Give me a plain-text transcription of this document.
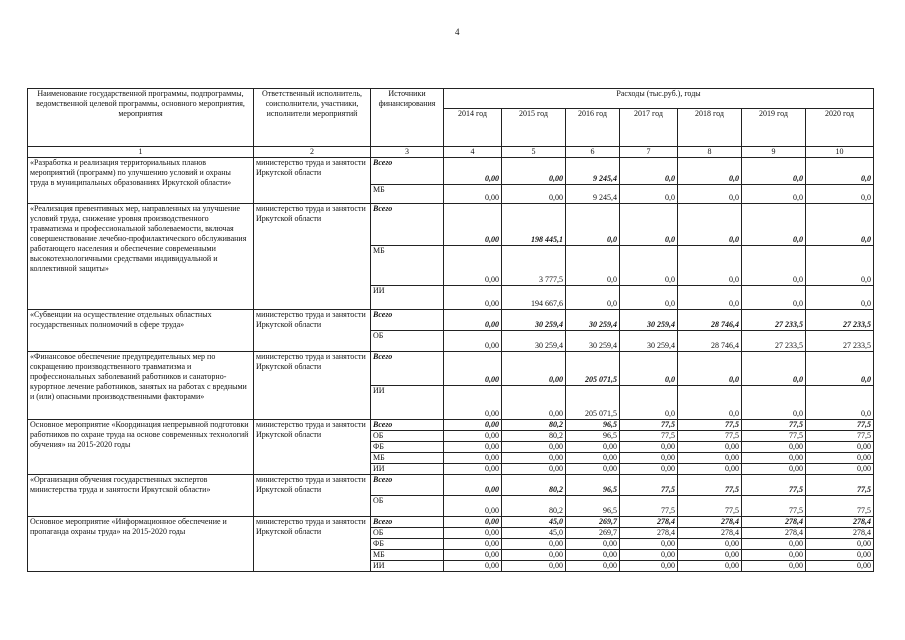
4
Наименование государственной программы, подпрограммы, ведомственной целевой программы, основного мероприятия, мероприятия	Ответственный исполнитель, соисполнители, участники, исполнители мероприятий	Источники финансирования	Расходы (тыс.руб.), годы						
			2014 год	2015 год	2016 год	2017 год	2018 год	2019 год	2020 год
1	2	3	4	5	6	7	8	9	10
«Разработка и реализация территориальных планов мероприятий (программ) по улучшению условий и охраны труда в муниципальных образованиях Иркутской области»	министерство труда и занятости Иркутской области	Всего	0,00	0,00	9 245,4	0,0	0,0	0,0	0,0
		МБ	0,00	0,00	9 245,4	0,0	0,0	0,0	0,0
«Реализация превентивных мер, направленных на улучшение условий труда, снижение уровня производственного травматизма и профессиональной заболеваемости, включая совершенствование лечебно-профилактического обслуживания работающего населения и обеспечение современными высокотехнологичными средствами индивидуальной и коллективной защиты»	министерство труда и занятости Иркутской области	Всего	0,00	198 445,1	0,0	0,0	0,0	0,0	0,0
		МБ	0,00	3 777,5	0,0	0,0	0,0	0,0	0,0
		ИИ	0,00	194 667,6	0,0	0,0	0,0	0,0	0,0
«Субвенции на осуществление отдельных областных государственных полномочий в сфере труда»	министерство труда и занятости Иркутской области	Всего	0,00	30 259,4	30 259,4	30 259,4	28 746,4	27 233,5	27 233,5
		ОБ	0,00	30 259,4	30 259,4	30 259,4	28 746,4	27 233,5	27 233,5
«Финансовое обеспечение предупредительных мер по сокращению производственного травматизма и профессиональных заболеваний работников и санаторно-курортное лечение работников, занятых на работах с вредными и (или) опасными производственными факторами»	министерство труда и занятости Иркутской области	Всего	0,00	0,00	205 071,5	0,0	0,0	0,0	0,0
		ИИ	0,00	0,00	205 071,5	0,0	0,0	0,0	0,0
Основное мероприятие «Координация непрерывной подготовки работников по охране труда на основе современных технологий обучения» на 2015-2020 годы	министерство труда и занятости Иркутской области	Всего	0,00	80,2	96,5	77,5	77,5	77,5	77,5
		ОБ	0,00	80,2	96,5	77,5	77,5	77,5	77,5
		ФБ	0,00	0,00	0,00	0,00	0,00	0,00	0,00
		МБ	0,00	0,00	0,00	0,00	0,00	0,00	0,00
		ИИ	0,00	0,00	0,00	0,00	0,00	0,00	0,00
«Организация обучения государственных экспертов министерства труда и занятости Иркутской области»	министерство труда и занятости Иркутской области	Всего	0,00	80,2	96,5	77,5	77,5	77,5	77,5
		ОБ	0,00	80,2	96,5	77,5	77,5	77,5	77,5
Основное мероприятие «Информационное обеспечение и пропаганда охраны труда» на 2015-2020 годы	министерство труда и занятости Иркутской области	Всего	0,00	45,0	269,7	278,4	278,4	278,4	278,4
		ОБ	0,00	45,0	269,7	278,4	278,4	278,4	278,4
		ФБ	0,00	0,00	0,00	0,00	0,00	0,00	0,00
		МБ	0,00	0,00	0,00	0,00	0,00	0,00	0,00
		ИИ	0,00	0,00	0,00	0,00	0,00	0,00	0,00
